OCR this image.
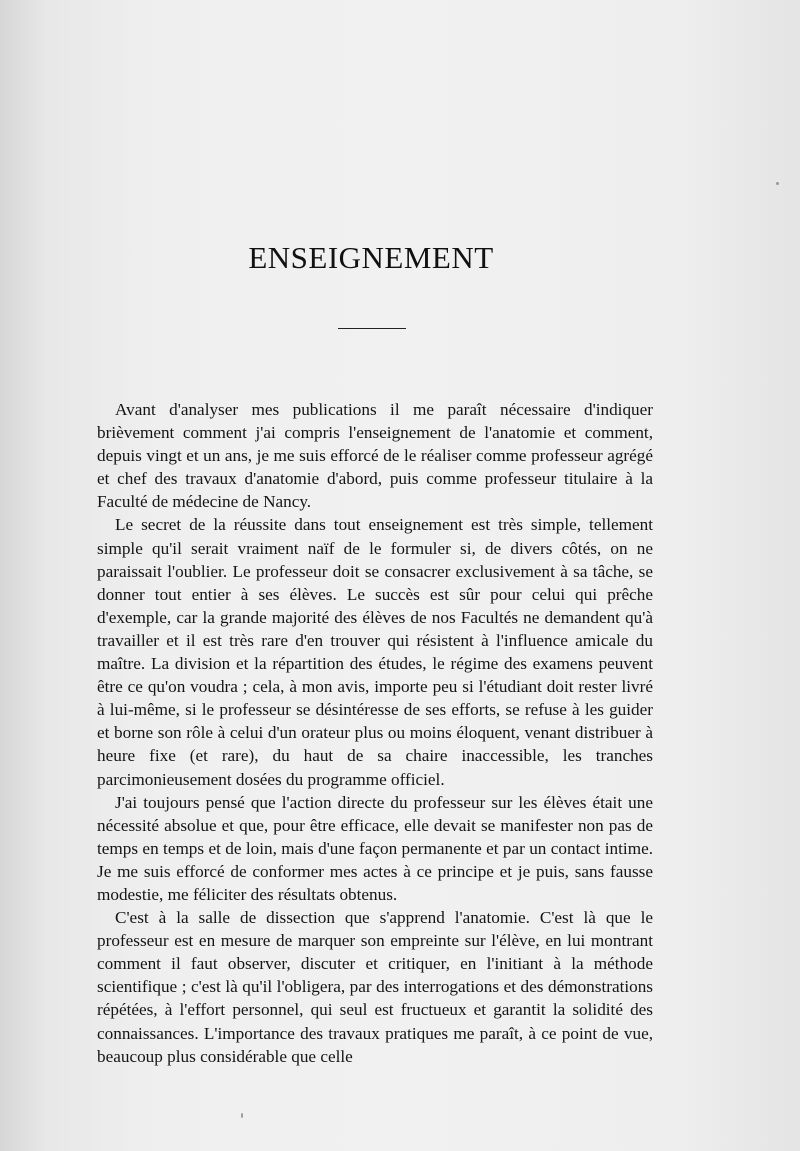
ENSEIGNEMENT

Avant d'analyser mes publications il me paraît nécessaire d'indiquer brièvement comment j'ai compris l'enseignement de l'anatomie et comment, depuis vingt et un ans, je me suis efforcé de le réaliser comme professeur agrégé et chef des travaux d'anatomie d'abord, puis comme professeur titulaire à la Faculté de médecine de Nancy.

Le secret de la réussite dans tout enseignement est très simple, tellement simple qu'il serait vraiment naïf de le formuler si, de divers côtés, on ne paraissait l'oublier. Le professeur doit se consacrer exclusivement à sa tâche, se donner tout entier à ses élèves. Le succès est sûr pour celui qui prêche d'exemple, car la grande majorité des élèves de nos Facultés ne demandent qu'à travailler et il est très rare d'en trouver qui résistent à l'influence amicale du maître. La division et la répartition des études, le régime des examens peuvent être ce qu'on voudra ; cela, à mon avis, importe peu si l'étudiant doit rester livré à lui-même, si le professeur se désintéresse de ses efforts, se refuse à les guider et borne son rôle à celui d'un orateur plus ou moins éloquent, venant distribuer à heure fixe (et rare), du haut de sa chaire inaccessible, les tranches parcimonieusement dosées du programme officiel.

J'ai toujours pensé que l'action directe du professeur sur les élèves était une nécessité absolue et que, pour être efficace, elle devait se manifester non pas de temps en temps et de loin, mais d'une façon permanente et par un contact intime. Je me suis efforcé de conformer mes actes à ce principe et je puis, sans fausse modestie, me féliciter des résultats obtenus.

C'est à la salle de dissection que s'apprend l'anatomie. C'est là que le professeur est en mesure de marquer son empreinte sur l'élève, en lui montrant comment il faut observer, discuter et critiquer, en l'initiant à la méthode scientifique ; c'est là qu'il l'obligera, par des interrogations et des démonstrations répétées, à l'effort personnel, qui seul est fructueux et garantit la solidité des connaissances. L'importance des travaux pratiques me paraît, à ce point de vue, beaucoup plus considérable que celle
